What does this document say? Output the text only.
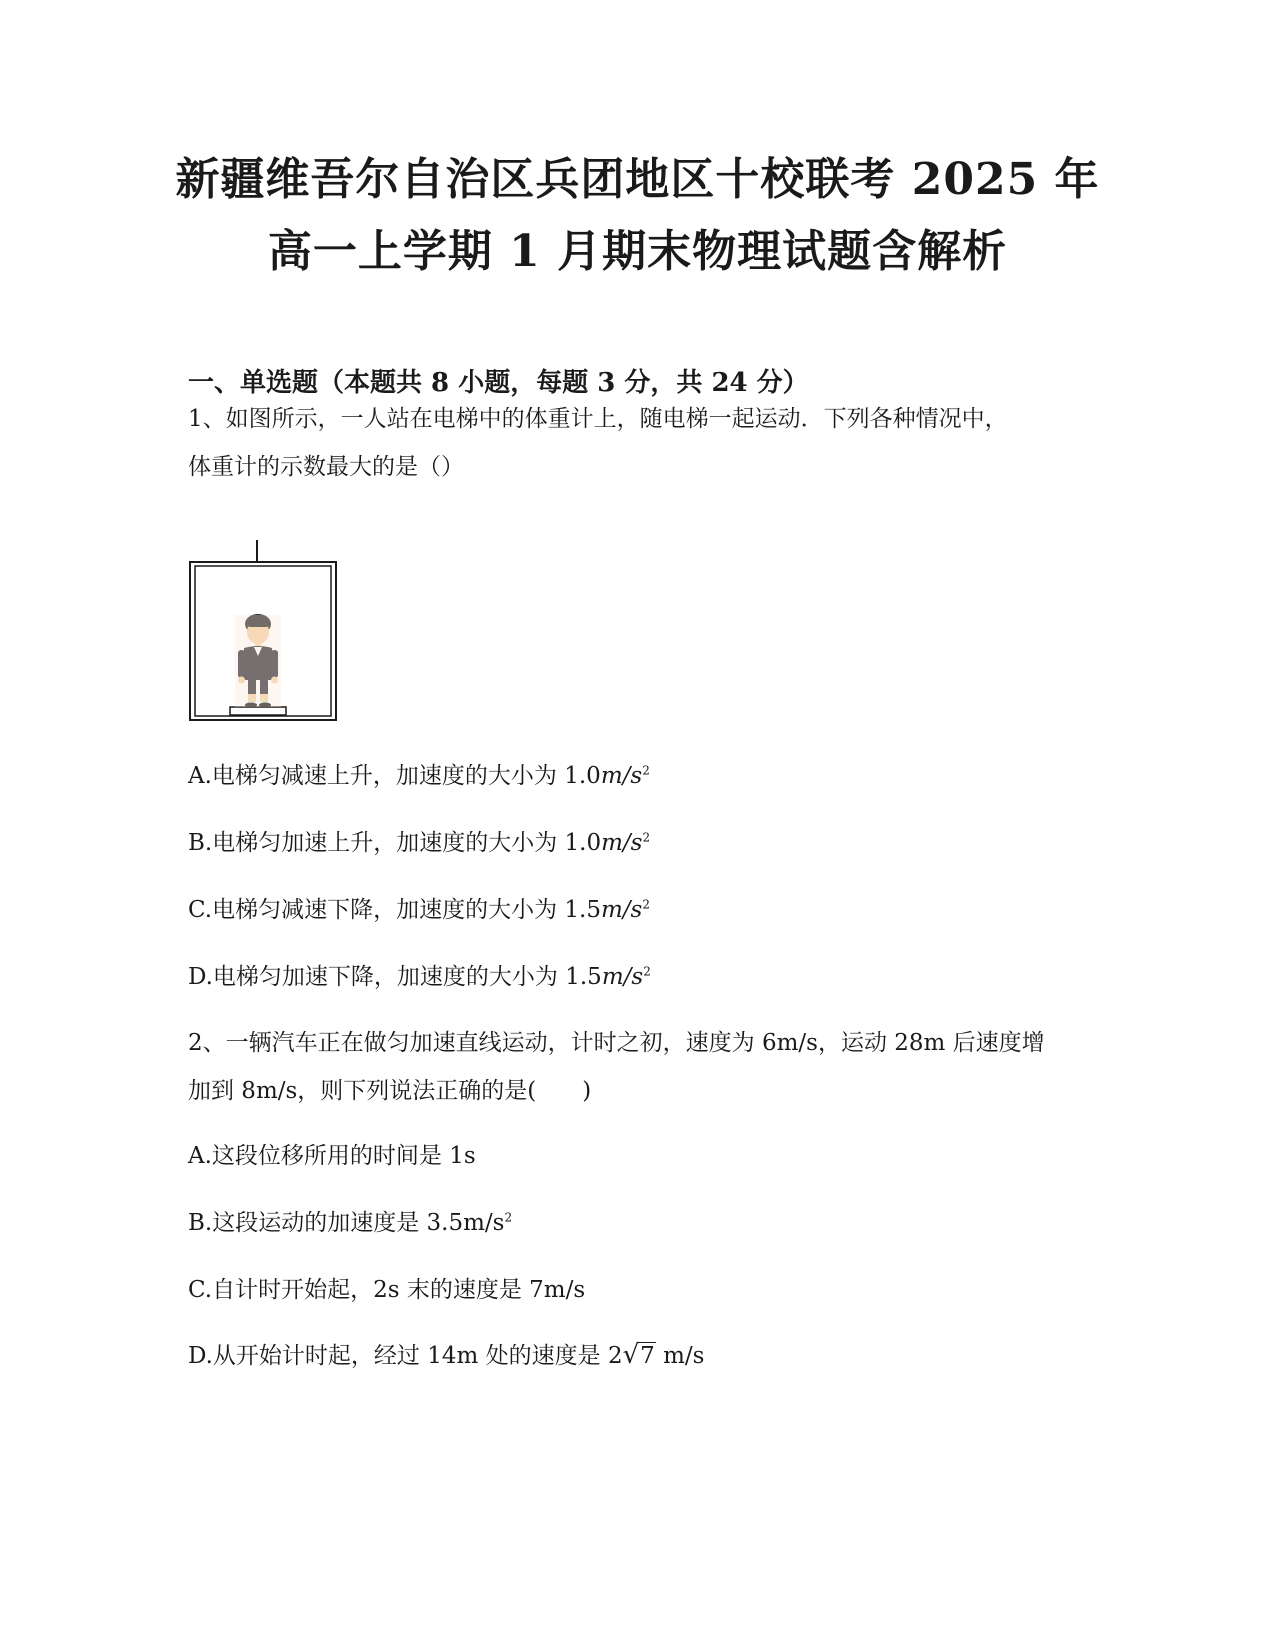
新疆维吾尔自治区兵团地区十校联考 2025 年
高一上学期 1 月期末物理试题含解析
一、单选题（本题共 8 小题，每题 3 分，共 24 分）

1、如图所示，一人站在电梯中的体重计上，随电梯一起运动．下列各种情况中，

体重计的示数最大的是（）

A.电梯匀减速上升，加速度的大小为 $1.0m/s^2$

B.电梯匀加速上升，加速度的大小为 $1.0m/s^2$

C.电梯匀减速下降，加速度的大小为 $1.5m/s^2$

D.电梯匀加速下降，加速度的大小为 $1.5m/s^2$

2、一辆汽车正在做匀加速直线运动，计时之初，速度为 6m/s，运动 28m 后速度增

加到 8m/s，则下列说法正确的是(　　)

A.这段位移所用的时间是 1s

B.这段运动的加速度是 $3.5m/s^2$

C.自计时开始起，2s 末的速度是 7m/s

D.从开始计时起，经过 14m 处的速度是 2√7 m/s
